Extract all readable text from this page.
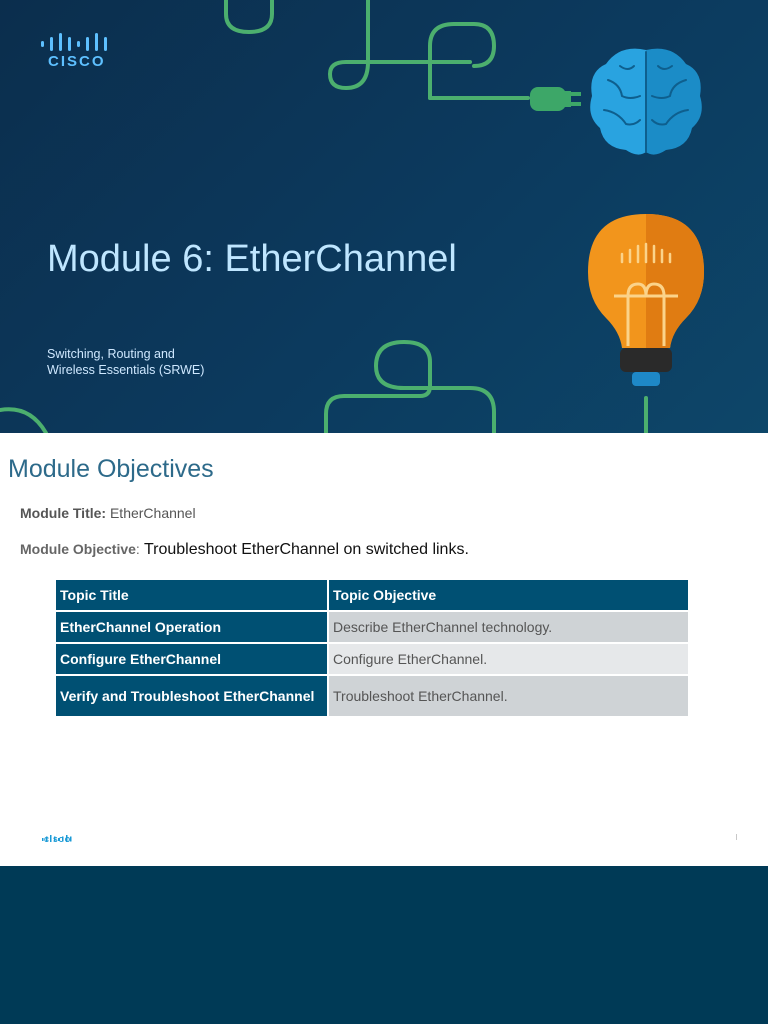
CISCO
Module 6: EtherChannel
Switching, Routing and
Wireless Essentials (SRWE)
Module Objectives
Module Title: EtherChannel
Module Objective: Troubleshoot EtherChannel on switched links.
Topic Title	Topic Objective
EtherChannel Operation	Describe EtherChannel technology.
Configure EtherChannel	Configure EtherChannel.
Verify and Troubleshoot EtherChannel	Troubleshoot EtherChannel.
CISCO
